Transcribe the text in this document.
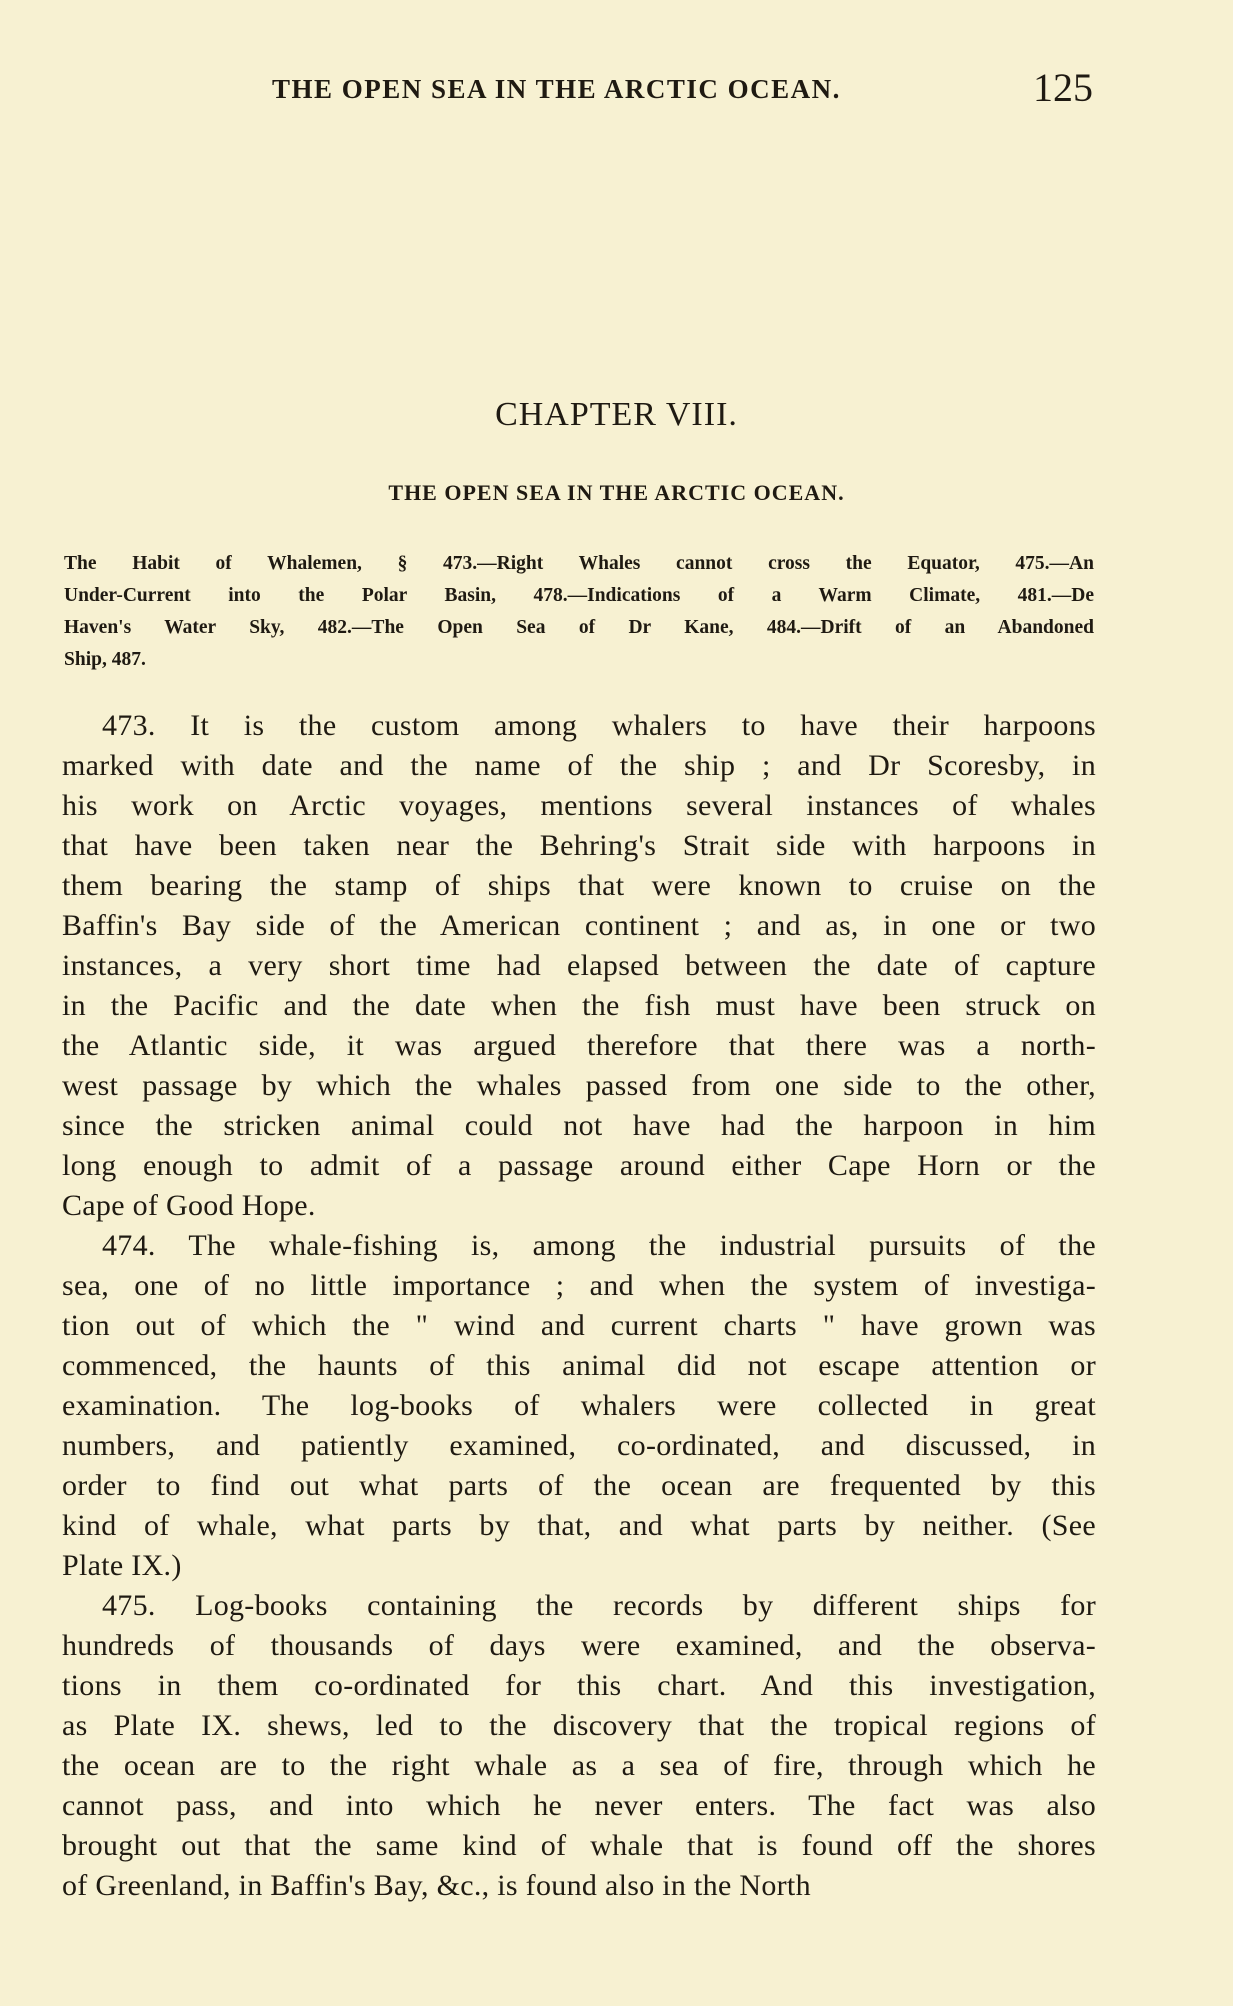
THE OPEN SEA IN THE ARCTIC OCEAN.	125
CHAPTER VIII.
THE OPEN SEA IN THE ARCTIC OCEAN.
The Habit of Whalemen, § 473.—Right Whales cannot cross the Equator, 475.—An
Under-Current into the Polar Basin, 478.—Indications of a Warm Climate, 481.—De
Haven's Water Sky, 482.—The Open Sea of Dr Kane, 484.—Drift of an Abandoned
Ship, 487.
473. It is the custom among whalers to have their harpoons
marked with date and the name of the ship ; and Dr Scoresby, in
his work on Arctic voyages, mentions several instances of whales
that have been taken near the Behring's Strait side with harpoons in
them bearing the stamp of ships that were known to cruise on the
Baffin's Bay side of the American continent ; and as, in one or two
instances, a very short time had elapsed between the date of capture
in the Pacific and the date when the fish must have been struck on
the Atlantic side, it was argued therefore that there was a north-
west passage by which the whales passed from one side to the other,
since the stricken animal could not have had the harpoon in him
long enough to admit of a passage around either Cape Horn or the
Cape of Good Hope.
474. The whale-fishing is, among the industrial pursuits of the
sea, one of no little importance ; and when the system of investiga-
tion out of which the " wind and current charts " have grown was
commenced, the haunts of this animal did not escape attention or
examination. The log-books of whalers were collected in great
numbers, and patiently examined, co-ordinated, and discussed, in
order to find out what parts of the ocean are frequented by this
kind of whale, what parts by that, and what parts by neither. (See
Plate IX.)
475. Log-books containing the records by different ships for
hundreds of thousands of days were examined, and the observa-
tions in them co-ordinated for this chart. And this investigation,
as Plate IX. shews, led to the discovery that the tropical regions of
the ocean are to the right whale as a sea of fire, through which he
cannot pass, and into which he never enters. The fact was also
brought out that the same kind of whale that is found off the shores
of Greenland, in Baffin's Bay, &c., is found also in the North
